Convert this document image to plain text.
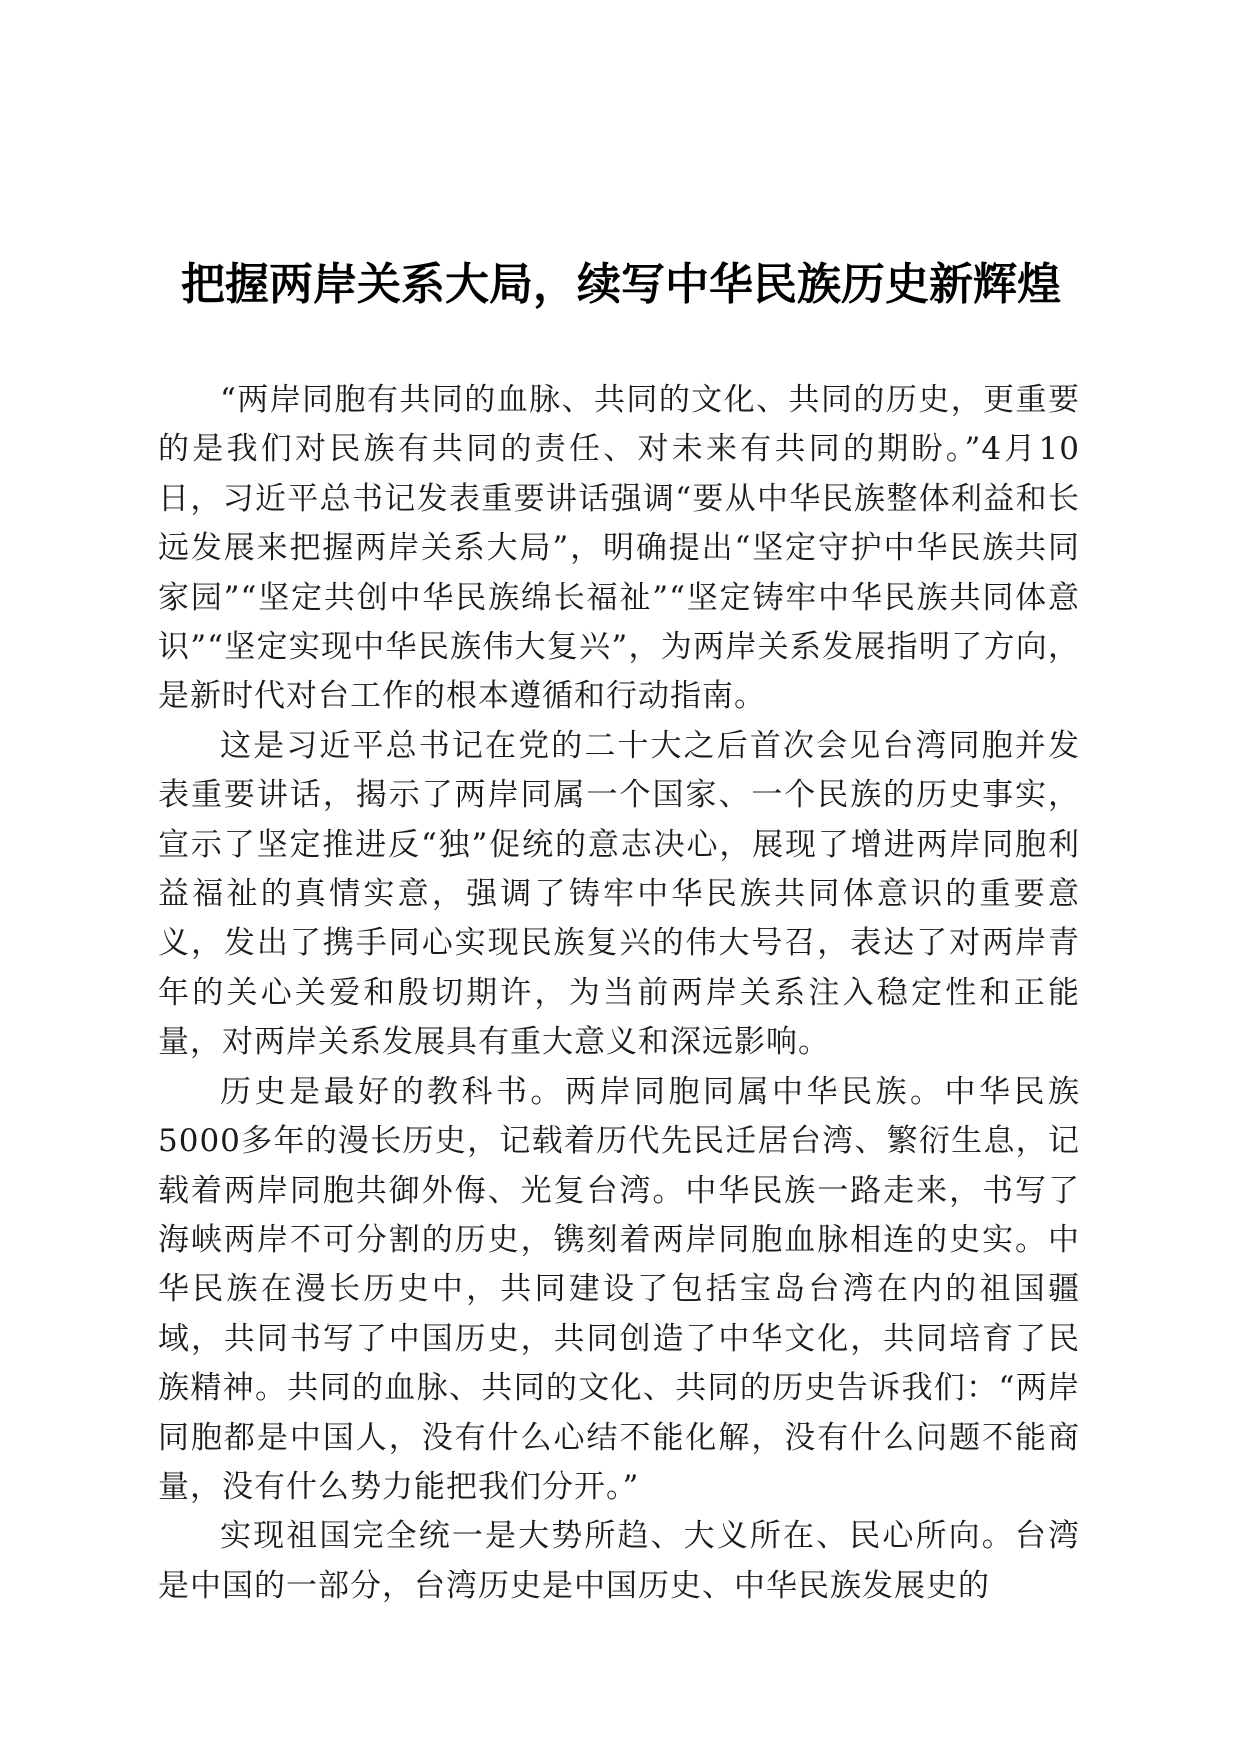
把握两岸关系大局，续写中华民族历史新辉煌

“两岸同胞有共同的血脉、共同的文化、共同的历史，更重要的是我们对民族有共同的责任、对未来有共同的期盼。”4月10日，习近平总书记发表重要讲话强调“要从中华民族整体利益和长远发展来把握两岸关系大局”，明确提出“坚定守护中华民族共同家园”“坚定共创中华民族绵长福祉”“坚定铸牢中华民族共同体意识”“坚定实现中华民族伟大复兴”，为两岸关系发展指明了方向，是新时代对台工作的根本遵循和行动指南。

这是习近平总书记在党的二十大之后首次会见台湾同胞并发表重要讲话，揭示了两岸同属一个国家、一个民族的历史事实，宣示了坚定推进反“独”促统的意志决心，展现了增进两岸同胞利益福祉的真情实意，强调了铸牢中华民族共同体意识的重要意义，发出了携手同心实现民族复兴的伟大号召，表达了对两岸青年的关心关爱和殷切期许，为当前两岸关系注入稳定性和正能量，对两岸关系发展具有重大意义和深远影响。

历史是最好的教科书。两岸同胞同属中华民族。中华民族5000多年的漫长历史，记载着历代先民迁居台湾、繁衍生息，记载着两岸同胞共御外侮、光复台湾。中华民族一路走来，书写了海峡两岸不可分割的历史，镌刻着两岸同胞血脉相连的史实。中华民族在漫长历史中，共同建设了包括宝岛台湾在内的祖国疆域，共同书写了中国历史，共同创造了中华文化，共同培育了民族精神。共同的血脉、共同的文化、共同的历史告诉我们：“两岸同胞都是中国人，没有什么心结不能化解，没有什么问题不能商量，没有什么势力能把我们分开。”

实现祖国完全统一是大势所趋、大义所在、民心所向。台湾是中国的一部分，台湾历史是中国历史、中华民族发展史的
